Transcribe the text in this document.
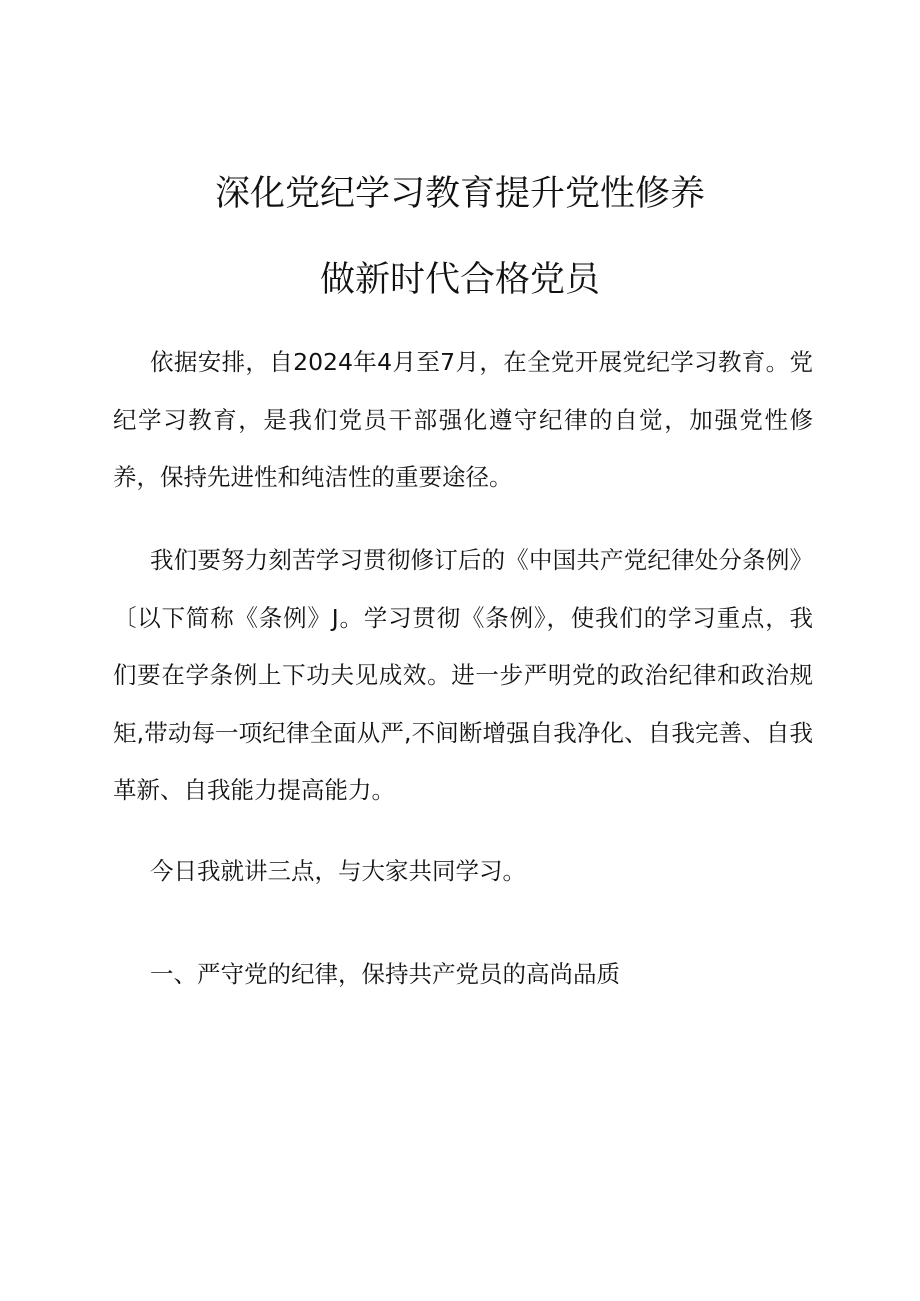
深化党纪学习教育提升党性修养
做新时代合格党员

依据安排，自2024年4月至7月，在全党开展党纪学习教育。党纪学习教育，是我们党员干部强化遵守纪律的自觉，加强党性修养，保持先进性和纯洁性的重要途径。

我们要努力刻苦学习贯彻修订后的《中国共产党纪律处分条例》〔以下简称《条例》J。学习贯彻《条例》，使我们的学习重点，我们要在学条例上下功夫见成效。进一步严明党的政治纪律和政治规矩,带动每一项纪律全面从严,不间断增强自我净化、自我完善、自我革新、自我能力提高能力。

今日我就讲三点，与大家共同学习。

一、严守党的纪律，保持共产党员的高尚品质
